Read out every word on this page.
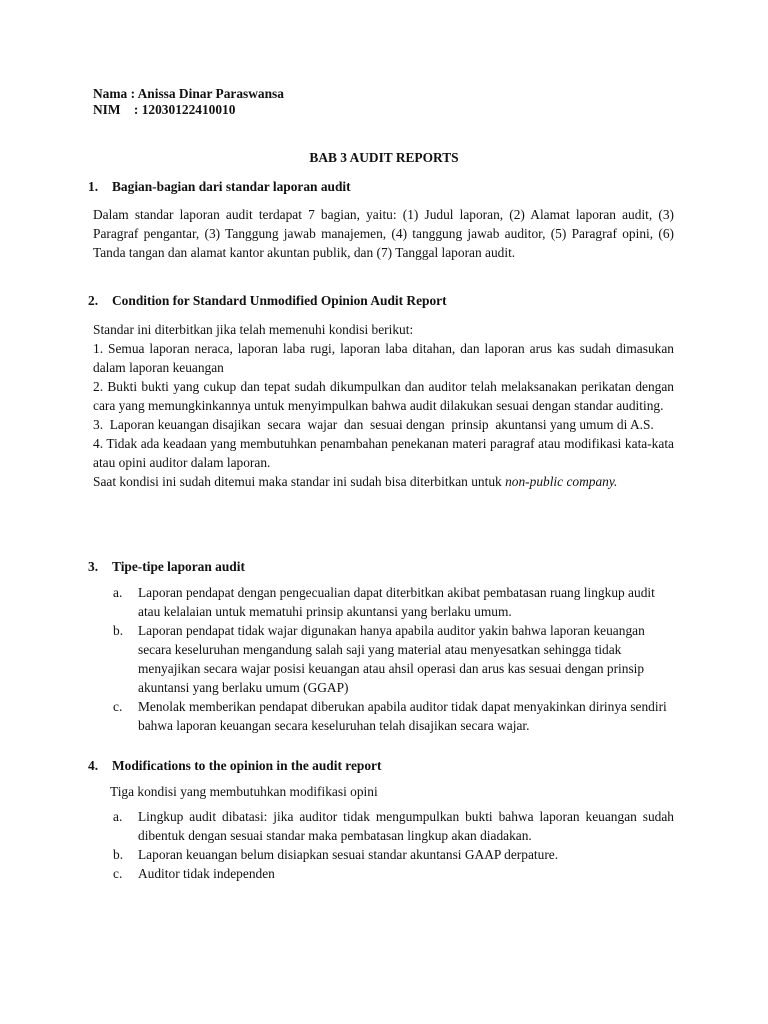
Nama : Anissa Dinar Paraswansa
NIM    : 12030122410010
BAB 3 AUDIT REPORTS
1. Bagian-bagian dari standar laporan audit

Dalam standar laporan audit terdapat 7 bagian, yaitu: (1) Judul laporan, (2) Alamat laporan audit, (3) Paragraf pengantar, (3) Tanggung jawab manajemen, (4) tanggung jawab auditor, (5) Paragraf opini, (6) Tanda tangan dan alamat kantor akuntan publik, dan (7) Tanggal laporan audit.

2. Condition for Standard Unmodified Opinion Audit Report

Standar ini diterbitkan jika telah memenuhi kondisi berikut:

1. Semua laporan neraca, laporan laba rugi, laporan laba ditahan, dan laporan arus kas sudah dimasukan dalam laporan keuangan

2. Bukti bukti yang cukup dan tepat sudah dikumpulkan dan auditor telah melaksanakan perikatan dengan cara yang memungkinkannya untuk menyimpulkan bahwa audit dilakukan sesuai dengan standar auditing.

3.  Laporan keuangan disajikan  secara  wajar  dan  sesuai dengan  prinsip  akuntansi yang umum di A.S.

4. Tidak ada keadaan yang membutuhkan penambahan penekanan materi paragraf atau modifikasi kata-kata atau opini auditor dalam laporan.

Saat kondisi ini sudah ditemui maka standar ini sudah bisa diterbitkan untuk non-public company.

3. Tipe-tipe laporan audit
a. Laporan pendapat dengan pengecualian dapat diterbitkan akibat pembatasan ruang lingkup audit atau kelalaian untuk mematuhi prinsip akuntansi yang berlaku umum.
b. Laporan pendapat tidak wajar digunakan hanya apabila auditor yakin bahwa laporan keuangan secara keseluruhan mengandung salah saji yang material atau menyesatkan sehingga tidak menyajikan secara wajar posisi keuangan atau ahsil operasi dan arus kas sesuai dengan prinsip akuntansi yang berlaku umum (GGAP)
c. Menolak memberikan pendapat diberukan apabila auditor tidak dapat menyakinkan dirinya sendiri bahwa laporan keuangan secara keseluruhan telah disajikan secara wajar.
4. Modifications to the opinion in the audit report

Tiga kondisi yang membutuhkan modifikasi opini

a. Lingkup audit dibatasi: jika auditor tidak mengumpulkan bukti bahwa laporan keuangan sudah dibentuk dengan sesuai standar maka pembatasan lingkup akan diadakan.
b. Laporan keuangan belum disiapkan sesuai standar akuntansi GAAP derpature.
c. Auditor tidak independen
